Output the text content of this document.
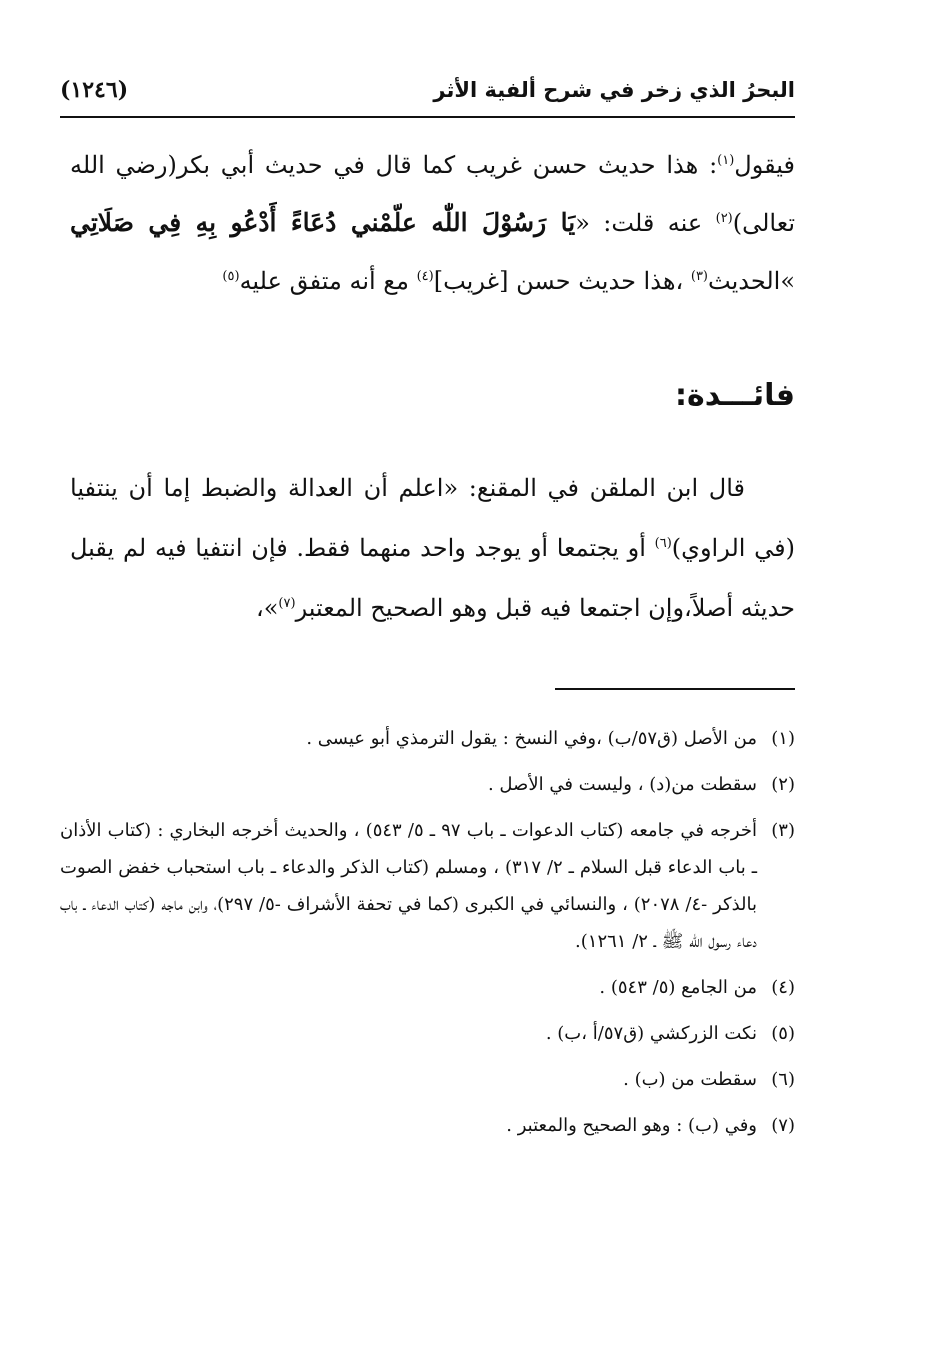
البحرُ الذي زخر في شرح ألفية الأثر
(١٢٤٦)

فيقول$^{(١)}$: هذا حديث حسن غريب كما قال في حديث أبي بكر(رضي الله تعالى)$^{(٢)}$ عنه قلت: «يَا رَسُوْلَ اللّٰه علّمْني دُعَاءً أَدْعُو بِهِ فِي صَلَاتِي »الحديث$^{(٣)}$ ،هذا حديث حسن [غريب]$^{(٤)}$ مع أنه متفق عليه$^{(٥)}$

فائـــدة:

قال ابن الملقن في المقنع: «اعلم أن العدالة والضبط إما أن ينتفيا (في الراوي)$^{(٦)}$ أو يجتمعا أو يوجد واحد منهما فقط. فإن انتفيا فيه لم يقبل حديثه أصلاً،وإن اجتمعا فيه قبل وهو الصحيح المعتبر$^{(٧)}$»،

(١)
من الأصل (ق٥٧/ب) ،وفي النسخ : يقول الترمذي أبو عيسى .
(٢)
سقطت من(د) ، وليست في الأصل .
(٣)
أخرجه في جامعه (كتاب الدعوات ـ باب ٩٧ ـ ٥/ ٥٤٣) ، والحديث أخرجه البخاري : (كتاب الأذان ـ باب الدعاء قبل السلام ـ ٢/ ٣١٧) ، ومسلم (كتاب الذكر والدعاء ـ باب استحباب خفض الصوت بالذكر -٤/ ٢٠٧٨) ، والنسائي في الكبرى (كما في تحفة الأشراف -٥/ ٢٩٧)، وابن ماجه (كتاب الدعاء ـ باب دعاء رسول الله ﷺ ـ ٢/ ١٢٦١).
(٤)
من الجامع (٥/ ٥٤٣) .
(٥)
نكت الزركشي (ق٥٧/أ ،ب) .
(٦)
سقطت من (ب) .
(٧)
وفي (ب) : وهو الصحيح والمعتبر .
